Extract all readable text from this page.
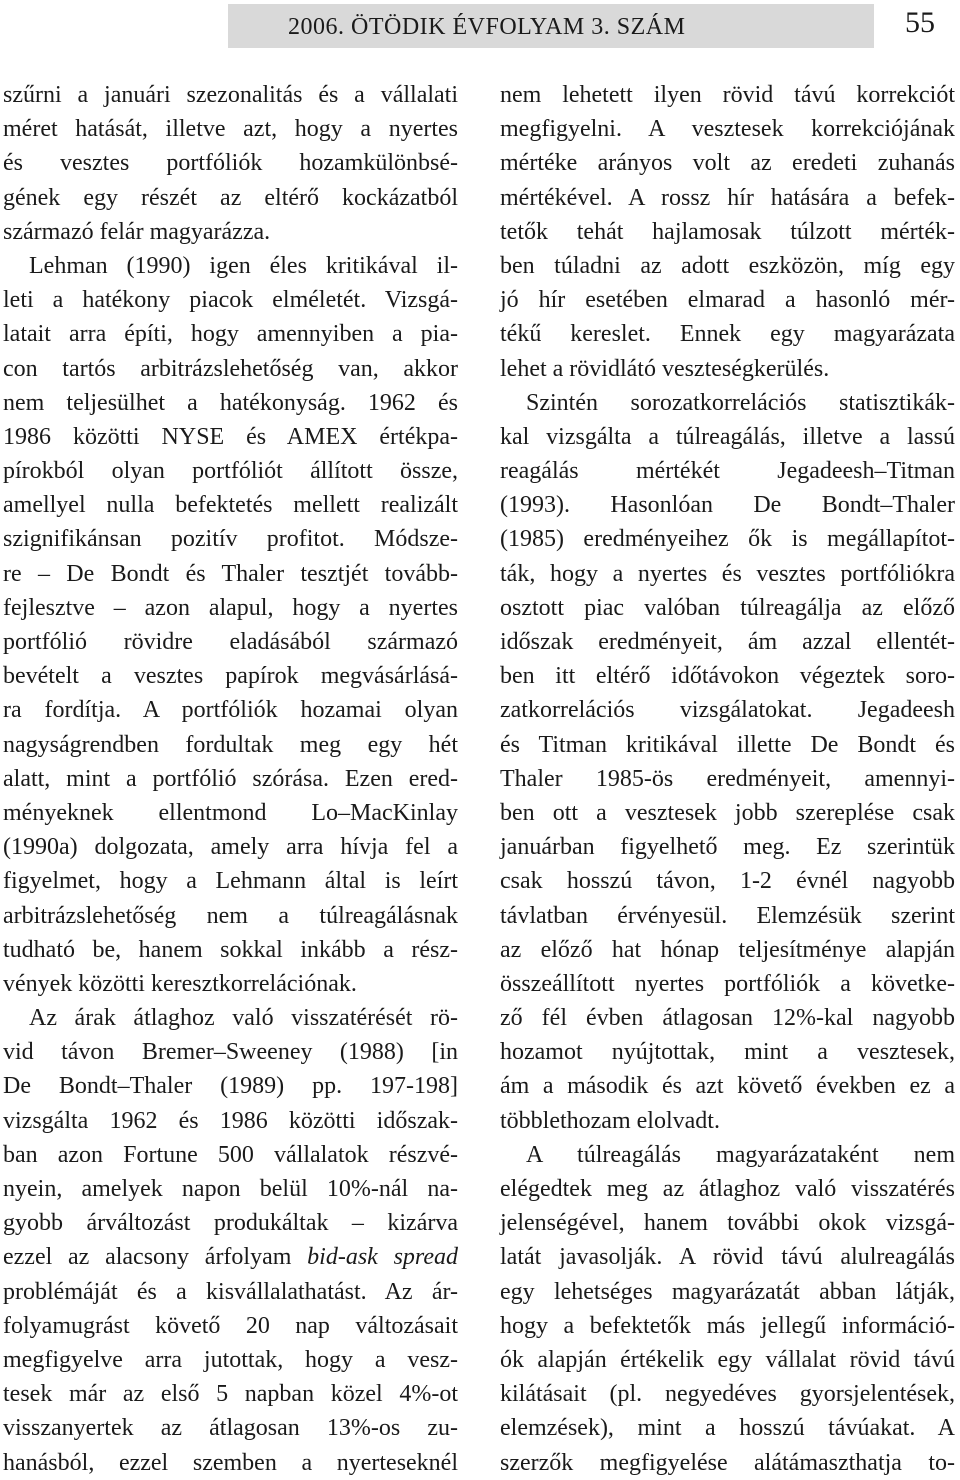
2006. ÖTÖDIK ÉVFOLYAM 3. SZÁM	55
szűrni a januári szezonalitás és a vállalati
méret hatását, illetve azt, hogy a nyertes
és vesztes portfóliók hozamkülönbsé-
gének egy részét az eltérő kockázatból
származó felár magyarázza.
Lehman (1990) igen éles kritikával il-
leti a hatékony piacok elméletét. Vizsgá-
latait arra építi, hogy amennyiben a pia-
con tartós arbitrázslehetőség van, akkor
nem teljesülhet a hatékonyság. 1962 és
1986 közötti NYSE és AMEX értékpa-
pírokból olyan portfóliót állított össze,
amellyel nulla befektetés mellett realizált
szignifikánsan pozitív profitot. Módsze-
re – De Bondt és Thaler tesztjét tovább-
fejlesztve – azon alapul, hogy a nyertes
portfólió rövidre eladásából származó
bevételt a vesztes papírok megvásárlásá-
ra fordítja. A portfóliók hozamai olyan
nagyságrendben fordultak meg egy hét
alatt, mint a portfólió szórása. Ezen ered-
ményeknek ellentmond Lo–MacKinlay
(1990a) dolgozata, amely arra hívja fel a
figyelmet, hogy a Lehmann által is leírt
arbitrázslehetőség nem a túlreagálásnak
tudható be, hanem sokkal inkább a rész-
vények közötti keresztkorrelációnak.
Az árak átlaghoz való visszatérését rö-
vid távon Bremer–Sweeney (1988) [in
De Bondt–Thaler (1989) pp. 197-198]
vizsgálta 1962 és 1986 közötti időszak-
ban azon Fortune 500 vállalatok részvé-
nyein, amelyek napon belül 10%-nál na-
gyobb árváltozást produkáltak – kizárva
ezzel az alacsony árfolyam bid-ask spread
problémáját és a kisvállalathatást. Az ár-
folyamugrást követő 20 nap változásait
megfigyelve arra jutottak, hogy a vesz-
tesek már az első 5 napban közel 4%-ot
visszanyertek az átlagosan 13%-os zu-
hanásból, ezzel szemben a nyerteseknél
nem lehetett ilyen rövid távú korrekciót
megfigyelni. A vesztesek korrekciójának
mértéke arányos volt az eredeti zuhanás
mértékével. A rossz hír hatására a befek-
tetők tehát hajlamosak túlzott mérték-
ben túladni az adott eszközön, míg egy
jó hír esetében elmarad a hasonló mér-
tékű kereslet. Ennek egy magyarázata
lehet a rövidlátó veszteségkerülés.
Szintén sorozatkorrelációs statisztikák-
kal vizsgálta a túlreagálás, illetve a lassú
reagálás mértékét Jegadeesh–Titman
(1993). Hasonlóan De Bondt–Thaler
(1985) eredményeihez ők is megállapítot-
ták, hogy a nyertes és vesztes portfóliókra
osztott piac valóban túlreagálja az előző
időszak eredményeit, ám azzal ellentét-
ben itt eltérő időtávokon végeztek soro-
zatkorrelációs vizsgálatokat. Jegadeesh
és Titman kritikával illette De Bondt és
Thaler 1985-ös eredményeit, amennyi-
ben ott a vesztesek jobb szereplése csak
januárban figyelhető meg. Ez szerintük
csak hosszú távon, 1-2 évnél nagyobb
távlatban érvényesül. Elemzésük szerint
az előző hat hónap teljesítménye alapján
összeállított nyertes portfóliók a követke-
ző fél évben átlagosan 12%-kal nagyobb
hozamot nyújtottak, mint a vesztesek,
ám a második és azt követő években ez a
többlethozam elolvadt.
A túlreagálás magyarázataként nem
elégedtek meg az átlaghoz való visszatérés
jelenségével, hanem további okok vizsgá-
latát javasolják. A rövid távú alulreagálás
egy lehetséges magyarázatát abban látják,
hogy a befektetők más jellegű információ-
ók alapján értékelik egy vállalat rövid távú
kilátásait (pl. negyedéves gyorsjelentések,
elemzések), mint a hosszú távúakat. A
szerzők megfigyelése alátámaszthatja to-
